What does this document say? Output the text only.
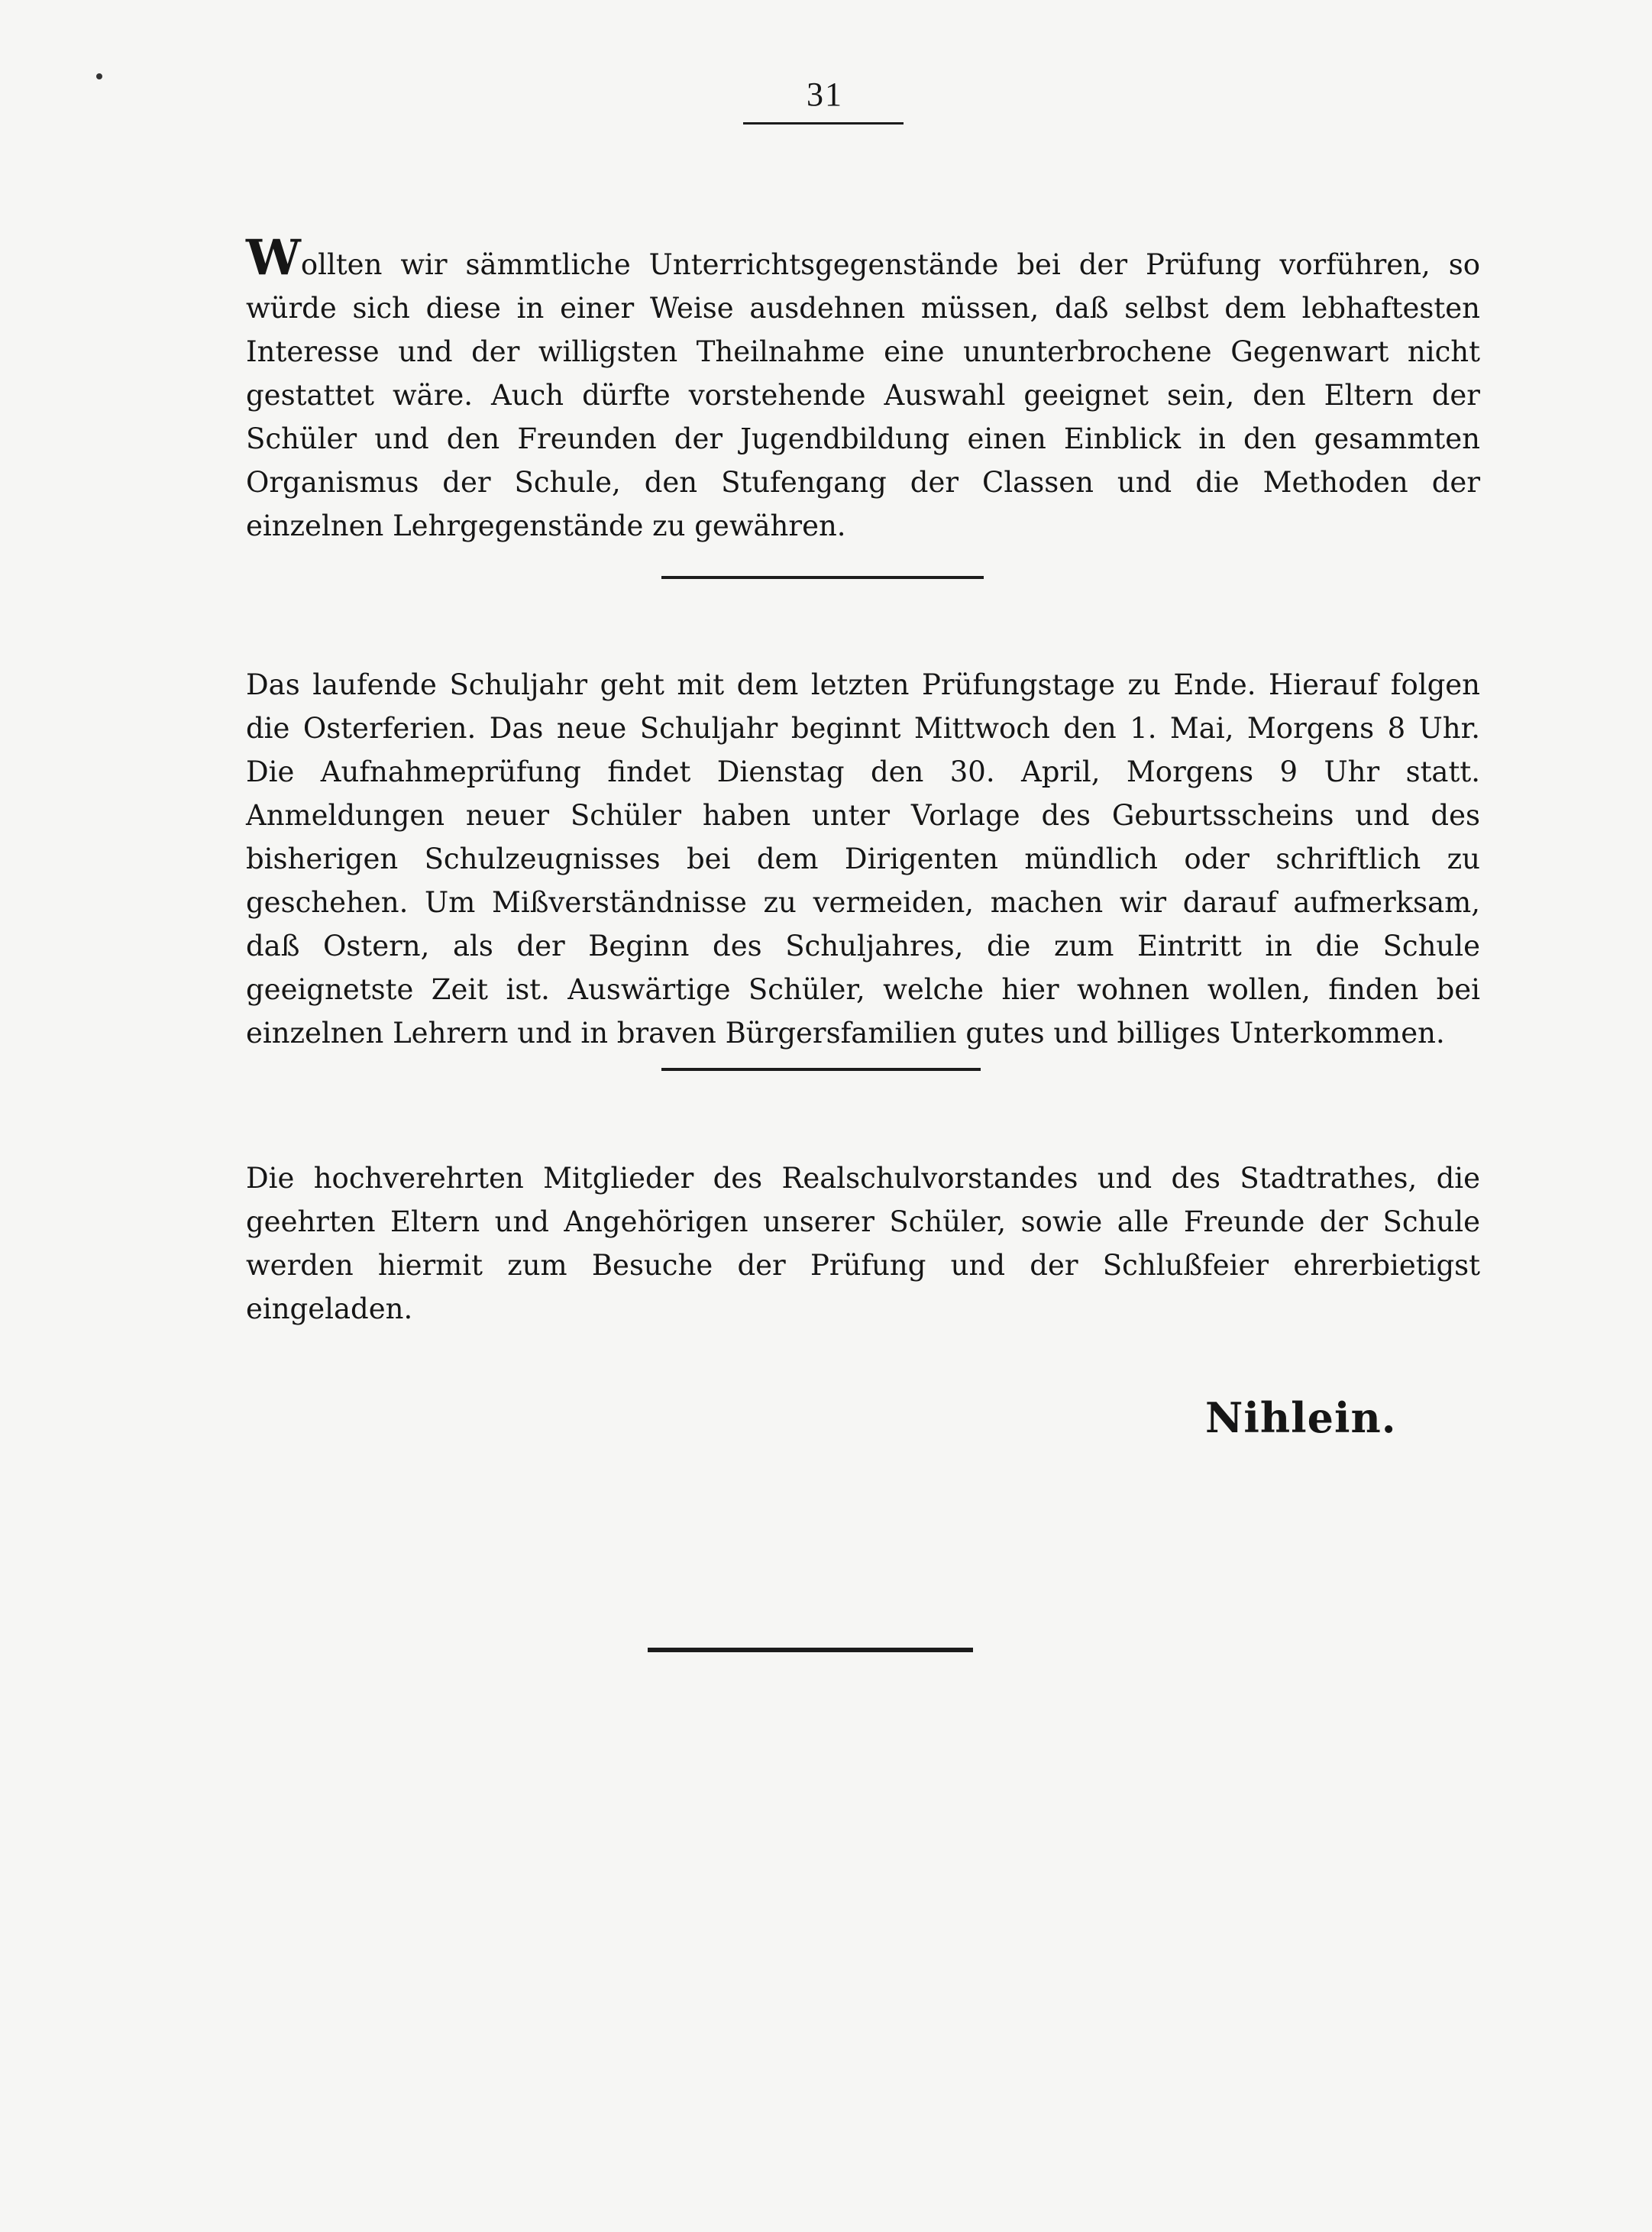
31

Wollten wir sämmtliche Unterrichtsgegenstände bei der Prüfung vorführen, so würde sich diese in einer Weise ausdehnen müssen, daß selbst dem lebhaftesten Interesse und der willigsten Theilnahme eine ununterbrochene Gegenwart nicht gestattet wäre. Auch dürfte vorstehende Auswahl geeignet sein, den Eltern der Schüler und den Freunden der Jugendbildung einen Einblick in den gesammten Organismus der Schule, den Stufengang der Classen und die Methoden der einzelnen Lehrgegenstände zu gewähren.

Das laufende Schuljahr geht mit dem letzten Prüfungstage zu Ende. Hierauf folgen die Osterferien. Das neue Schuljahr beginnt Mittwoch den 1. Mai, Morgens 8 Uhr. Die Aufnahmeprüfung findet Dienstag den 30. April, Morgens 9 Uhr statt. Anmeldungen neuer Schüler haben unter Vorlage des Geburtsscheins und des bisherigen Schulzeugnisses bei dem Dirigenten mündlich oder schriftlich zu geschehen. Um Mißverständnisse zu vermeiden, machen wir darauf aufmerksam, daß Ostern, als der Beginn des Schuljahres, die zum Eintritt in die Schule geeignetste Zeit ist. Auswärtige Schüler, welche hier wohnen wollen, finden bei einzelnen Lehrern und in braven Bürgersfamilien gutes und billiges Unterkommen.

Die hochverehrten Mitglieder des Realschulvorstandes und des Stadtrathes, die geehrten Eltern und Angehörigen unserer Schüler, sowie alle Freunde der Schule werden hiermit zum Besuche der Prüfung und der Schlußfeier ehrerbietigst eingeladen.

Nihlein.
